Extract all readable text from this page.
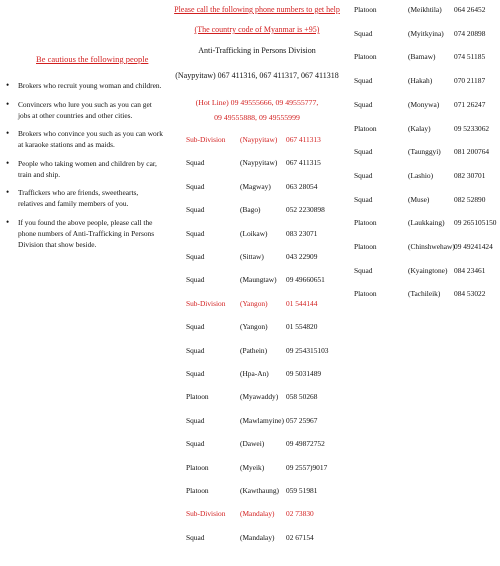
Be cautious the following people
• Brokers who recruit young woman and children.
• Convincers who lure you such as you can get jobs at other countries and other cities.
• Brokers who convince you such as you can work at karaoke stations and as maids.
• People who taking women and children by car, train and ship.
• Traffickers who are friends, sweethearts, relatives and family members of you.
• If you found the above people, please call the phone numbers of Anti-Trafficking in Persons Division that show beside.
Please call the following phone numbers to get help
(The country code of Myanmar is +95)
Anti-Trafficking in Persons Division
(Naypyitaw) 067 411316, 067 411317, 067 411318
(Hot Line) 09 49555666, 09 49555777,
09 49555888, 09 49555999
Sub-Division (Naypyitaw) 067 411313
Squad	(Naypyitaw) 067 411315
Squad	(Magway) 063 28054
Squad	(Bago)	052 2230898
Squad	(Loikaw)	083 23071
Squad	(Sittaw)	043 22909
Squad	(Maungtaw) 09 49660651
Sub-Division (Yangon) 01 544144
Squad	(Yangon) 01 554820
Squad	(Pathein)	09 254315103
Squad	(Hpa-An) 09 5031489
Platoon	(Myawaddy) 058 50268
Squad	(Mawlamyine) 057 25967
Squad	(Dawei)	09 49872752
Platoon	(Myeik)	09 2557)9017
Platoon	(Kawthaung) 059 51981
Sub-Division (Mandalay) 02 73830
Squad	(Mandalay) 02 67154
Platoon	(Meikhtila) 064 26452
Squad	(Myitkyina) 074 20898
Platoon	(Bamaw)	074 51185
Squad	(Hakah)	070 21187
Squad	(Monywa) 071 26247
Platoon	(Kalay)	09 5233062
Squad	(Taunggyi) 081 200764
Squad	(Lashio)	082 30701
Squad	(Muse)	082 52890
Platoon	(Laukkaing) 09 265105150
Platoon	(Chinshwehaw) 09 49241424
Squad	(Kyaingtone) 084 23461
Platoon	(Tachileik) 084 53022
